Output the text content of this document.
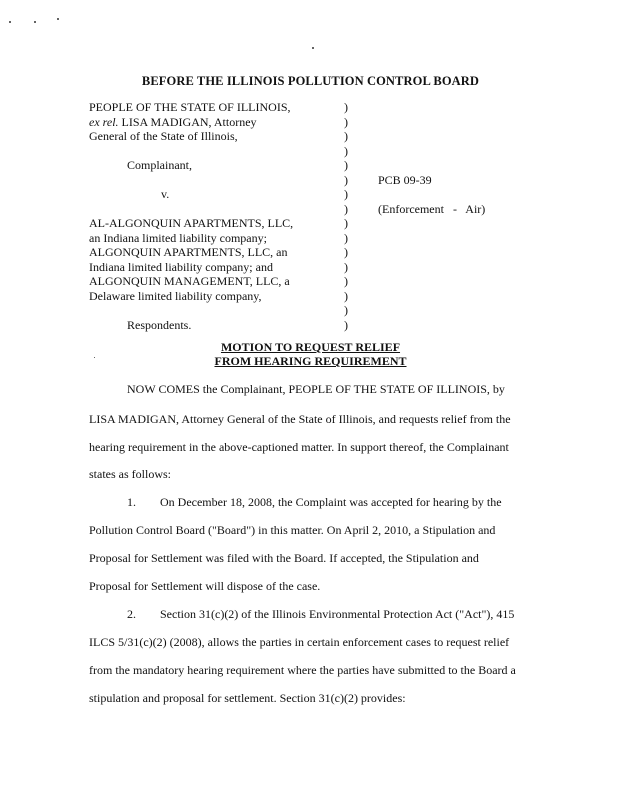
BEFORE THE ILLINOIS POLLUTION CONTROL BOARD
PEOPLE OF THE STATE OF ILLINOIS,
ex rel. LISA MADIGAN, Attorney
General of the State of Illinois,

Complainant,

v.

AL-ALGONQUIN APARTMENTS, LLC,
an Indiana limited liability company;
ALGONQUIN APARTMENTS, LLC, an
Indiana limited liability company; and
ALGONQUIN MANAGEMENT, LLC, a
Delaware limited liability company,

Respondents.
)
)
)
)
)
)
)
)
)
)
)
)
)
)
)
)
PCB 09-39
(Enforcement - Air)
MOTION TO REQUEST RELIEF
FROM HEARING REQUIREMENT
NOW COMES the Complainant, PEOPLE OF THE STATE OF ILLINOIS, by
LISA MADIGAN, Attorney General of the State of Illinois, and requests relief from the
hearing requirement in the above-captioned matter. In support thereof, the Complainant
states as follows:
1.        On December 18, 2008, the Complaint was accepted for hearing by the
Pollution Control Board ("Board") in this matter. On April 2, 2010, a Stipulation and
Proposal for Settlement was filed with the Board. If accepted, the Stipulation and
Proposal for Settlement will dispose of the case.
2.        Section 31(c)(2) of the Illinois Environmental Protection Act ("Act"), 415
ILCS 5/31(c)(2) (2008), allows the parties in certain enforcement cases to request relief
from the mandatory hearing requirement where the parties have submitted to the Board a
stipulation and proposal for settlement. Section 31(c)(2) provides:
